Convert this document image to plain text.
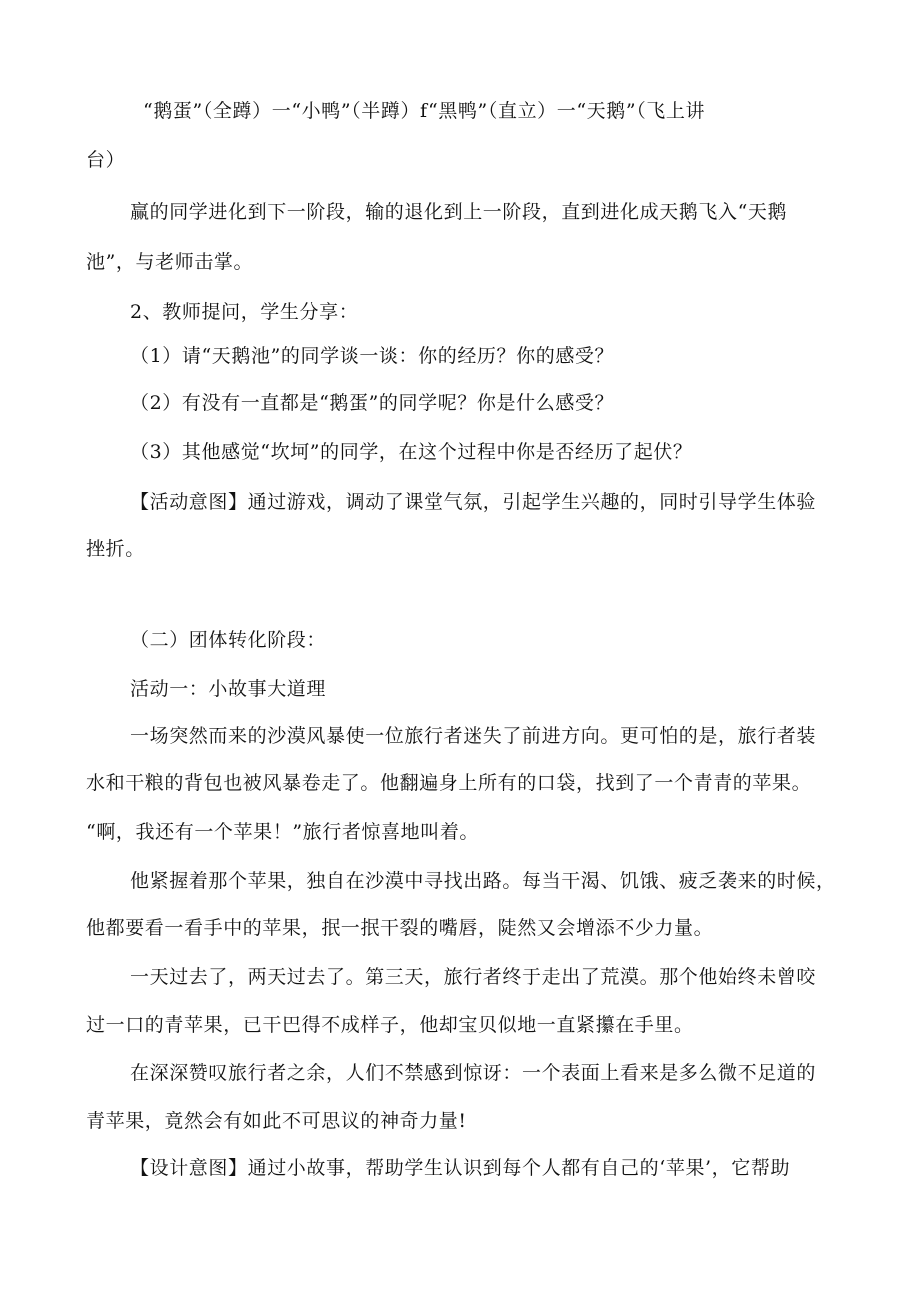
“鹅蛋”（全蹲）一“小鸭”（半蹲）f“黑鸭”（直立）一“天鹅”（飞上讲
台）
赢的同学进化到下一阶段，输的退化到上一阶段，直到进化成天鹅飞入“天鹅
池”，与老师击掌。
2、教师提问，学生分享：
（1）请“天鹅池”的同学谈一谈：你的经历？你的感受？
（2）有没有一直都是“鹅蛋”的同学呢？你是什么感受？
（3）其他感觉“坎坷”的同学，在这个过程中你是否经历了起伏？
【活动意图】通过游戏，调动了课堂气氛，引起学生兴趣的，同时引导学生体验
挫折。
（二）团体转化阶段：
活动一：小故事大道理
一场突然而来的沙漠风暴使一位旅行者迷失了前进方向。更可怕的是，旅行者装
水和干粮的背包也被风暴卷走了。他翻遍身上所有的口袋，找到了一个青青的苹果。
“啊，我还有一个苹果！”旅行者惊喜地叫着。
他紧握着那个苹果，独自在沙漠中寻找出路。每当干渴、饥饿、疲乏袭来的时候，
他都要看一看手中的苹果，抿一抿干裂的嘴唇，陡然又会增添不少力量。
一天过去了，两天过去了。第三天，旅行者终于走出了荒漠。那个他始终未曾咬
过一口的青苹果，已干巴得不成样子，他却宝贝似地一直紧攥在手里。
在深深赞叹旅行者之余，人们不禁感到惊讶：一个表面上看来是多么微不足道的
青苹果，竟然会有如此不可思议的神奇力量!
【设计意图】通过小故事，帮助学生认识到每个人都有自己的‘苹果’，它帮助
